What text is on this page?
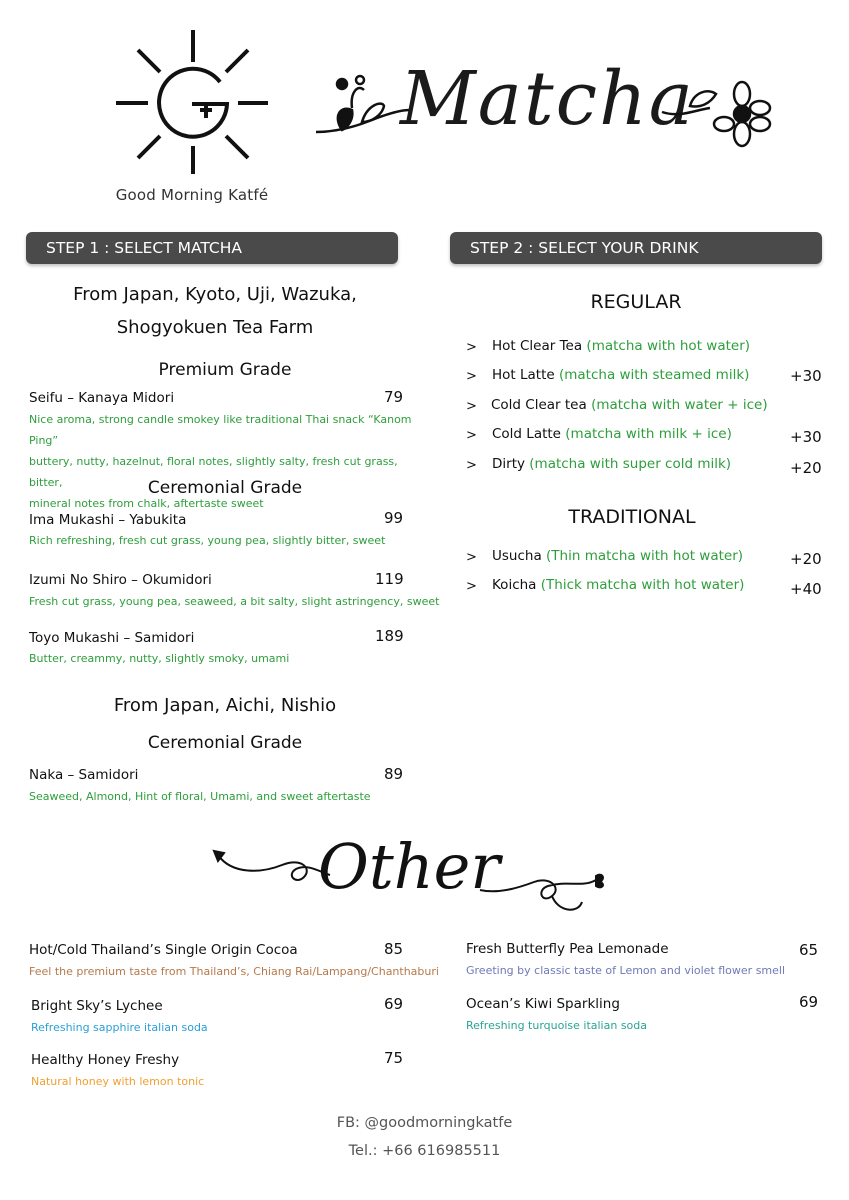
Good Morning Katfé
Matcha
STEP 1 : SELECT MATCHA	STEP 2 : SELECT YOUR DRINK
From Japan, Kyoto, Uji, Wazuka,
Shogyokuen Tea Farm
Premium Grade
Seifu – Kanaya Midori	79
Nice aroma, strong candle smokey like traditional Thai snack “Kanom Ping”
buttery, nutty, hazelnut, floral notes, slightly salty, fresh cut grass, bitter,
mineral notes from chalk, aftertaste sweet
Ceremonial Grade
Ima Mukashi – Yabukita	99
Rich refreshing, fresh cut grass, young pea, slightly bitter, sweet
Izumi No Shiro – Okumidori	119
Fresh cut grass, young pea, seaweed, a bit salty, slight astringency, sweet
Toyo Mukashi – Samidori	189
Butter, creammy, nutty, slightly smoky, umami
From Japan, Aichi, Nishio
Ceremonial Grade
Naka – Samidori	89
Seaweed, Almond, Hint of floral, Umami, and sweet aftertaste
REGULAR
> Hot Clear Tea (matcha with hot water)
> Hot Latte (matcha with steamed milk)	+30
> Cold Clear tea (matcha with water + ice)
> Cold Latte (matcha with milk + ice)	+30
> Dirty (matcha with super cold milk)	+20
TRADITIONAL
> Usucha (Thin matcha with hot water)	+20
> Koicha (Thick matcha with hot water)	+40
Other
Hot/Cold Thailand’s Single Origin Cocoa	85
Feel the premium taste from Thailand’s, Chiang Rai/Lampang/Chanthaburi
Bright Sky’s Lychee	69
Refreshing sapphire italian soda
Healthy Honey Freshy	75
Natural honey with lemon tonic
Fresh Butterfly Pea Lemonade	65
Greeting by classic taste of Lemon and violet flower smell
Ocean’s Kiwi Sparkling	69
Refreshing turquoise italian soda
FB: @goodmorningkatfe
Tel.: +66 616985511
